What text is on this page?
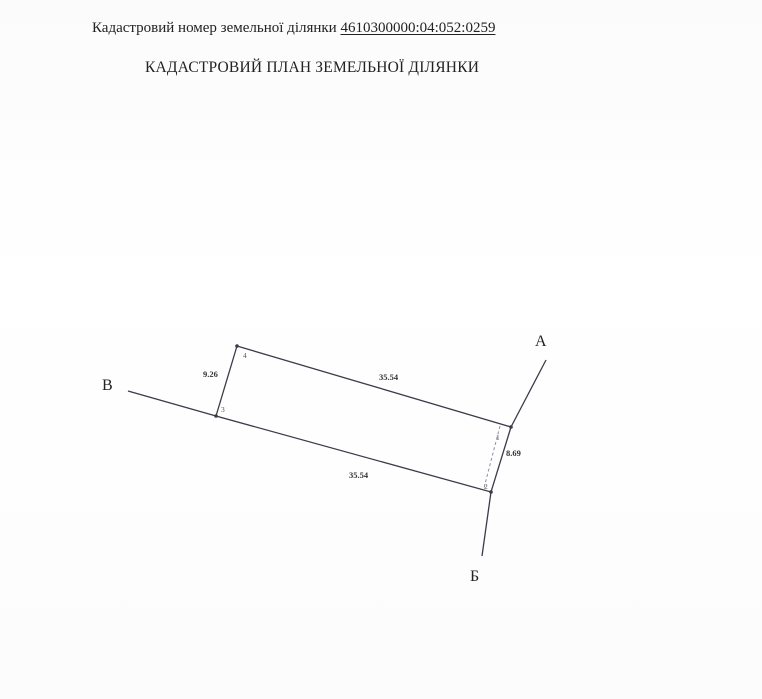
Кадастровий номер земельної ділянки 4610300000:04:052:0259
КАДАСТРОВИЙ ПЛАН ЗЕМЕЛЬНОЇ ДІЛЯНКИ
1
2
3
4
35.54
35.54
9.26
8.69
А
Б
В
